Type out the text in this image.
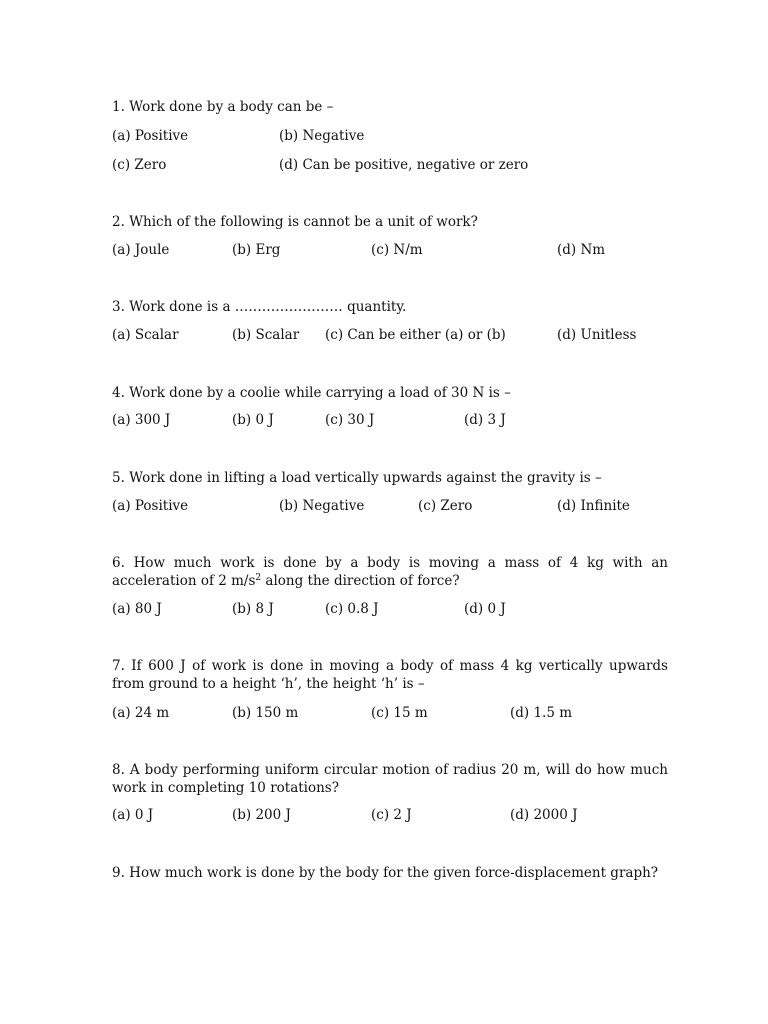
1. Work done by a body can be –
(a) Positive	(b) Negative
(c) Zero	(d) Can be positive, negative or zero
2. Which of the following is cannot be a unit of work?
(a) Joule	(b) Erg	(c) N/m	(d) Nm
3. Work done is a …………………… quantity.
(a) Scalar	(b) Scalar (c) Can be either (a) or (b)	(d) Unitless
4. Work done by a coolie while carrying a load of 30 N is –
(a) 300 J	(b) 0 J	(c) 30 J	(d) 3 J
5. Work done in lifting a load vertically upwards against the gravity is –
(a) Positive	(b) Negative	(c) Zero	(d) Infinite
6. How much work is done by a body is moving a mass of 4 kg with an acceleration of 2 $m/s^2$ along the direction of force?
(a) 80 J	(b) 8 J	(c) 0.8 J	(d) 0 J
7. If 600 J of work is done in moving a body of mass 4 kg vertically upwards from ground to a height ‘h’, the height ‘h’ is –
(a) 24 m	(b) 150 m	(c) 15 m	(d) 1.5 m
8. A body performing uniform circular motion of radius 20 m, will do how much work in completing 10 rotations?
(a) 0 J	(b) 200 J	(c) 2 J	(d) 2000 J
9. How much work is done by the body for the given force-displacement graph?
